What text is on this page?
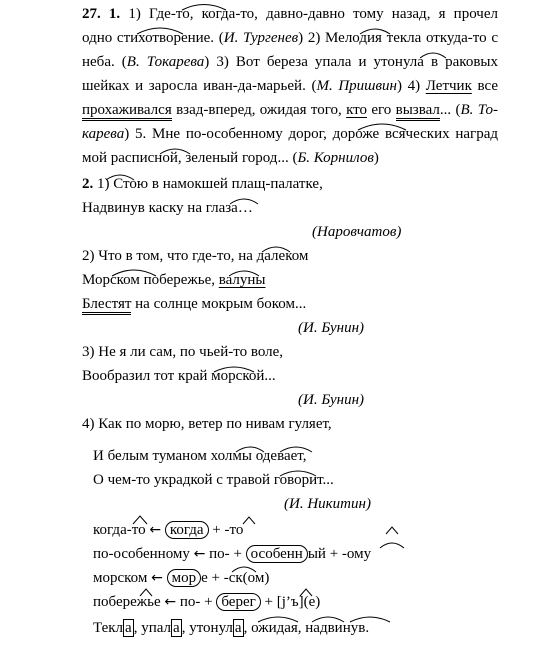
27. 1. 1) Где-то, когда-то, давно-давно тому назад, я прочел
одно стихотворение. (И. Тургенев) 2) Мелодия текла откуда-то с
неба. (В. Токарева) 3) Вот береза упала и утонула в раковых
шейках и заросла иван-да-марьей. (М. Пришвин) 4) Летчик все
прохаживался взад-вперед, ожидая того, кто его вызвал... (В. То-
карева) 5. Мне по-особенному дорог, дороже всяческих наград
мой расписной, зеленый город... (Б. Корнилов)
2. 1) Стою в намокшей плащ-палатке,
Надвинув каску на глаза…
(Наровчатов)
2) Что в том, что где-то, на далеком
Морском побережье, валуны
Блестят на солнце мокрым боком...
(И. Бунин)
3) Не я ли сам, по чьей-то воле,
Вообразил тот край морской...
(И. Бунин)
4) Как по морю, ветер по нивам гуляет,
И белым туманом холмы одевает,
О чем-то украдкой с травой говорит...
(И. Никитин)
когда-то ← когда + -то
по-особенному ← по- + особенн ый + -ому
морском ← мор е + -ск(ом)
побережье ← по- + берег + [j’ъ](е)
Текл а , упал а , утонул а , ожидая, надвинув.
